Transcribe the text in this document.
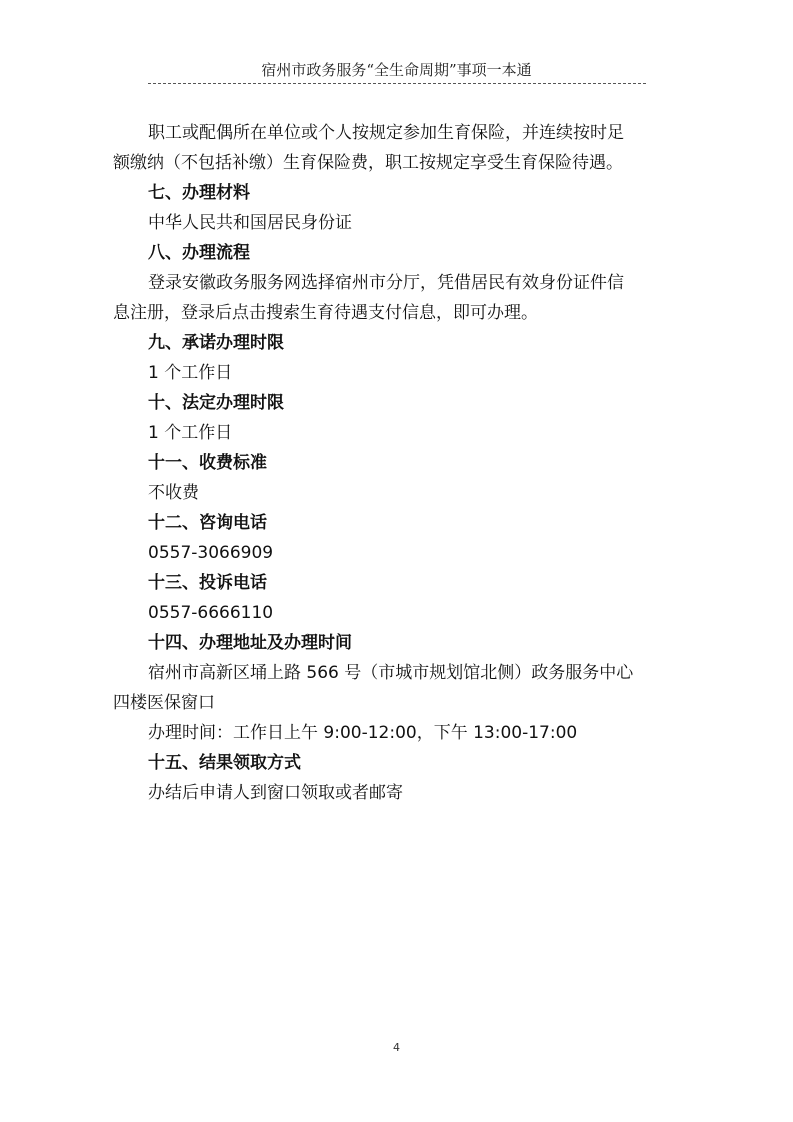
宿州市政务服务“全生命周期”事项一本通
职工或配偶所在单位或个人按规定参加生育保险，并连续按时足
额缴纳（不包括补缴）生育保险费，职工按规定享受生育保险待遇。
七、办理材料
中华人民共和国居民身份证
八、办理流程
登录安徽政务服务网选择宿州市分厅，凭借居民有效身份证件信
息注册，登录后点击搜索生育待遇支付信息，即可办理。
九、承诺办理时限
1 个工作日
十、法定办理时限
1 个工作日
十一、收费标准
不收费
十二、咨询电话
0557-3066909
十三、投诉电话
0557-6666110
十四、办理地址及办理时间
宿州市高新区埇上路 566 号（市城市规划馆北侧）政务服务中心
四楼医保窗口
办理时间：工作日上午 9:00-12:00，下午 13:00-17:00
十五、结果领取方式
办结后申请人到窗口领取或者邮寄
4
